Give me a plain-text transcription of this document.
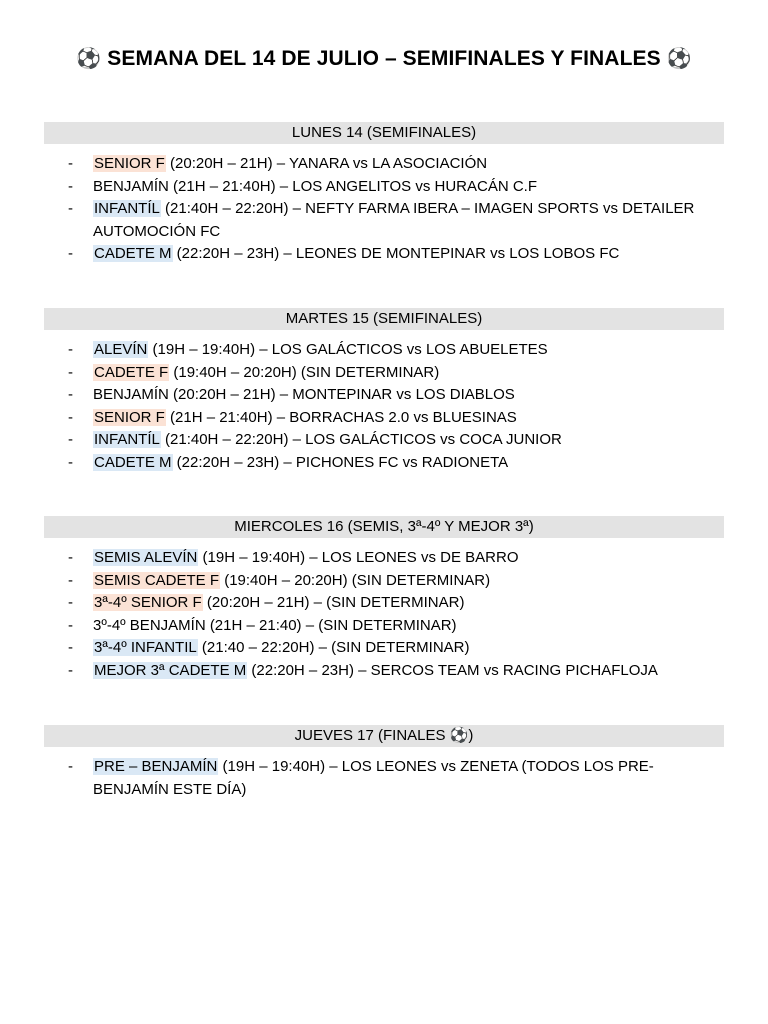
⚽ SEMANA DEL 14 DE JULIO – SEMIFINALES Y FINALES ⚽
LUNES 14 (SEMIFINALES)
- SENIOR F (20:20H – 21H) – YANARA vs LA ASOCIACIÓN
- BENJAMÍN (21H – 21:40H) – LOS ANGELITOS vs HURACÁN C.F
- INFANTÍL (21:40H – 22:20H) – NEFTY FARMA IBERA – IMAGEN SPORTS vs DETAILER AUTOMOCIÓN FC
- CADETE M (22:20H – 23H) – LEONES DE MONTEPINAR vs LOS LOBOS FC
MARTES 15 (SEMIFINALES)
- ALEVÍN (19H – 19:40H) – LOS GALÁCTICOS vs LOS ABUELETES
- CADETE F (19:40H – 20:20H) (SIN DETERMINAR)
- BENJAMÍN (20:20H – 21H) – MONTEPINAR vs LOS DIABLOS
- SENIOR F (21H – 21:40H) – BORRACHAS 2.0 vs BLUESINAS
- INFANTÍL (21:40H – 22:20H) – LOS GALÁCTICOS vs COCA JUNIOR
- CADETE M (22:20H – 23H) – PICHONES FC vs RADIONETA
MIERCOLES 16 (SEMIS, 3ª-4º Y MEJOR 3ª)
- SEMIS ALEVÍN (19H – 19:40H) – LOS LEONES vs DE BARRO
- SEMIS CADETE F (19:40H – 20:20H) (SIN DETERMINAR)
- 3ª-4º SENIOR F (20:20H – 21H) – (SIN DETERMINAR)
- 3º-4º BENJAMÍN (21H – 21:40) – (SIN DETERMINAR)
- 3ª-4º INFANTIL (21:40 – 22:20H) – (SIN DETERMINAR)
- MEJOR 3ª CADETE M (22:20H – 23H) – SERCOS TEAM vs RACING PICHAFLOJA
JUEVES 17 (FINALES ⚽)
- PRE – BENJAMÍN (19H – 19:40H) – LOS LEONES vs ZENETA (TODOS LOS PRE-BENJAMÍN ESTE DÍA)
